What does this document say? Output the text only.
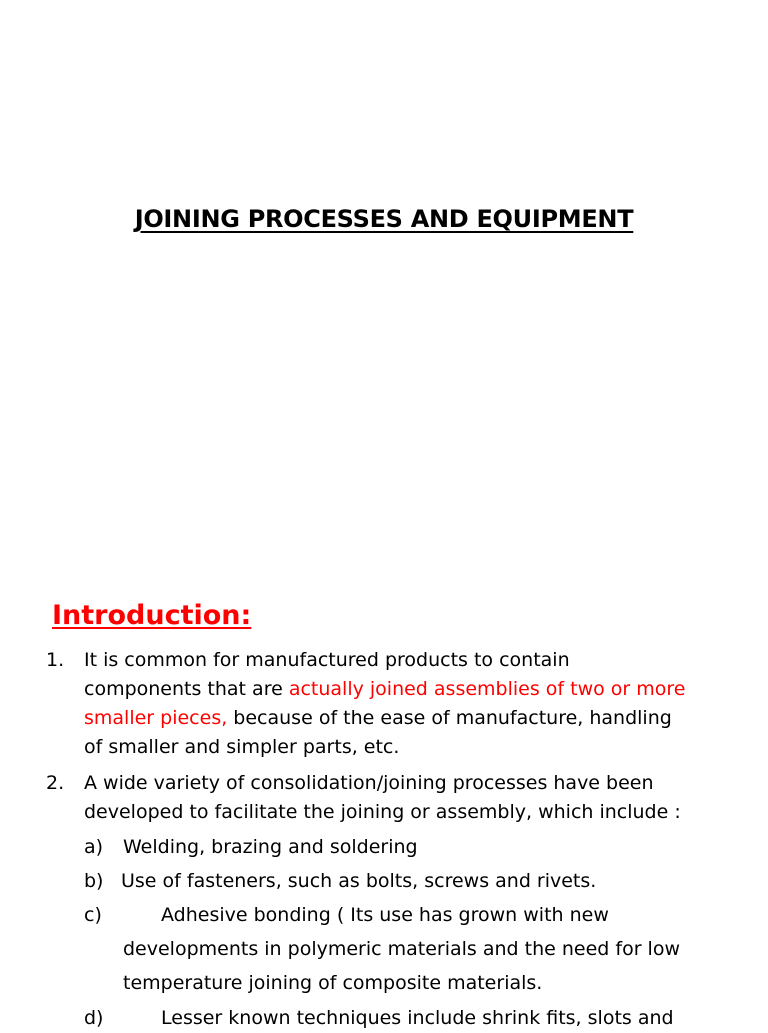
JOINING PROCESSES AND EQUIPMENT
Introduction:
1. It is common for manufactured products to contain
components that are actually joined assemblies of two or more
smaller pieces, because of the ease of manufacture, handling
of smaller and simpler parts, etc.
2. A wide variety of consolidation/joining processes have been
developed to facilitate the joining or assembly, which include :
a) Welding, brazing and soldering
b) Use of fasteners, such as bolts, screws and rivets.
c)	Adhesive bonding ( Its use has grown with new
developments in polymeric materials and the need for low
temperature joining of composite materials.
d)	Lesser known techniques include shrink fits, slots and
